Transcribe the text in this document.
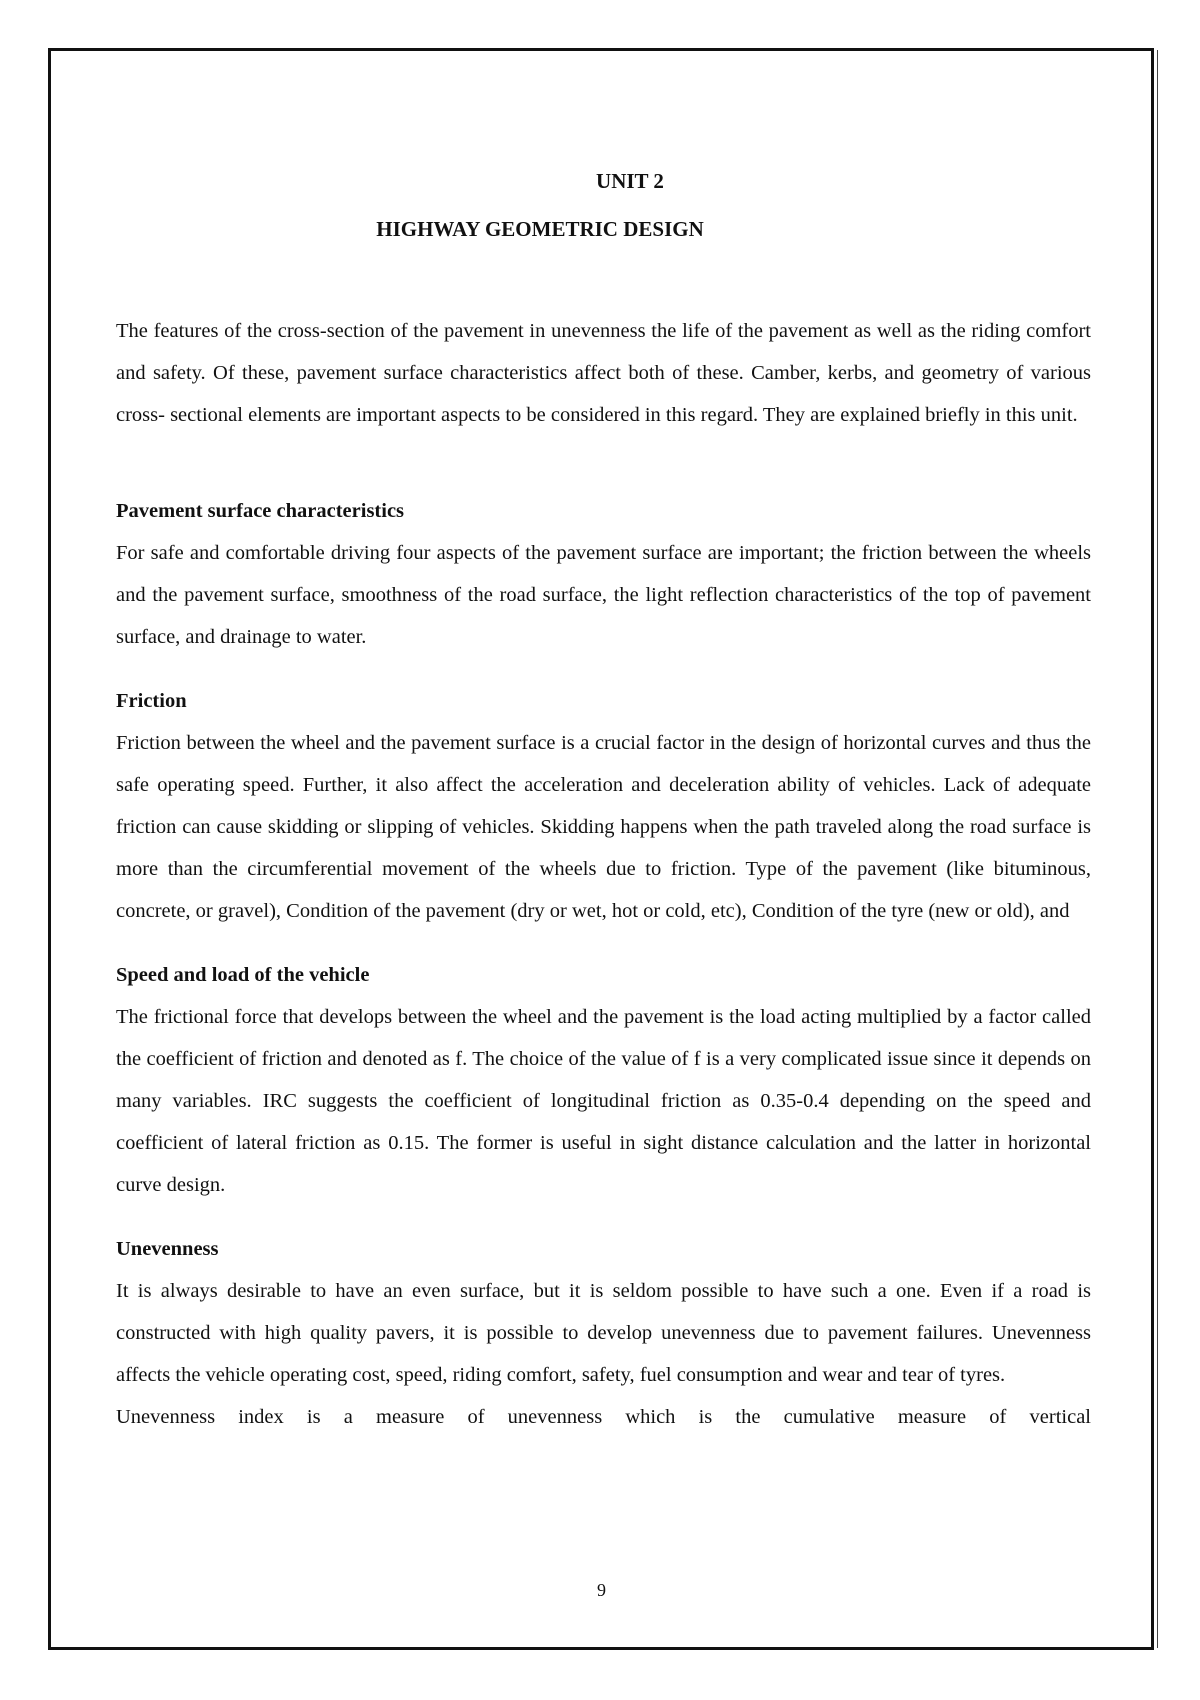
UNIT 2
HIGHWAY GEOMETRIC DESIGN

The features of the cross-section of the pavement in unevenness the life of the pavement as well as the riding comfort and safety. Of these, pavement surface characteristics affect both of these. Camber, kerbs, and geometry of various cross- sectional elements are important aspects to be considered in this regard. They are explained briefly in this unit.

Pavement surface characteristics

For safe and comfortable driving four aspects of the pavement surface are important; the friction between the wheels and the pavement surface, smoothness of the road surface, the light reflection characteristics of the top of pavement surface, and drainage to water.

Friction

Friction between the wheel and the pavement surface is a crucial factor in the design of horizontal curves and thus the safe operating speed. Further, it also affect the acceleration and deceleration ability of vehicles. Lack of adequate friction can cause skidding or slipping of vehicles. Skidding happens when the path traveled along the road surface is more than the circumferential movement of the wheels due to friction. Type of the pavement (like bituminous, concrete, or gravel), Condition of the pavement (dry or wet, hot or cold, etc), Condition of the tyre (new or old), and

Speed and load of the vehicle

The frictional force that develops between the wheel and the pavement is the load acting multiplied by a factor called the coefficient of friction and denoted as f. The choice of the value of f is a very complicated issue since it depends on many variables. IRC suggests the coefficient of longitudinal friction as 0.35-0.4 depending on the speed and coefficient of lateral friction as 0.15. The former is useful in sight distance calculation and the latter in horizontal curve design.

Unevenness

It is always desirable to have an even surface, but it is seldom possible to have such a one. Even if a road is constructed with high quality pavers, it is possible to develop unevenness due to pavement failures. Unevenness affects the vehicle operating cost, speed, riding comfort, safety, fuel consumption and wear and tear of tyres.

Unevenness index is a measure of unevenness which is the cumulative measure of vertical

9
